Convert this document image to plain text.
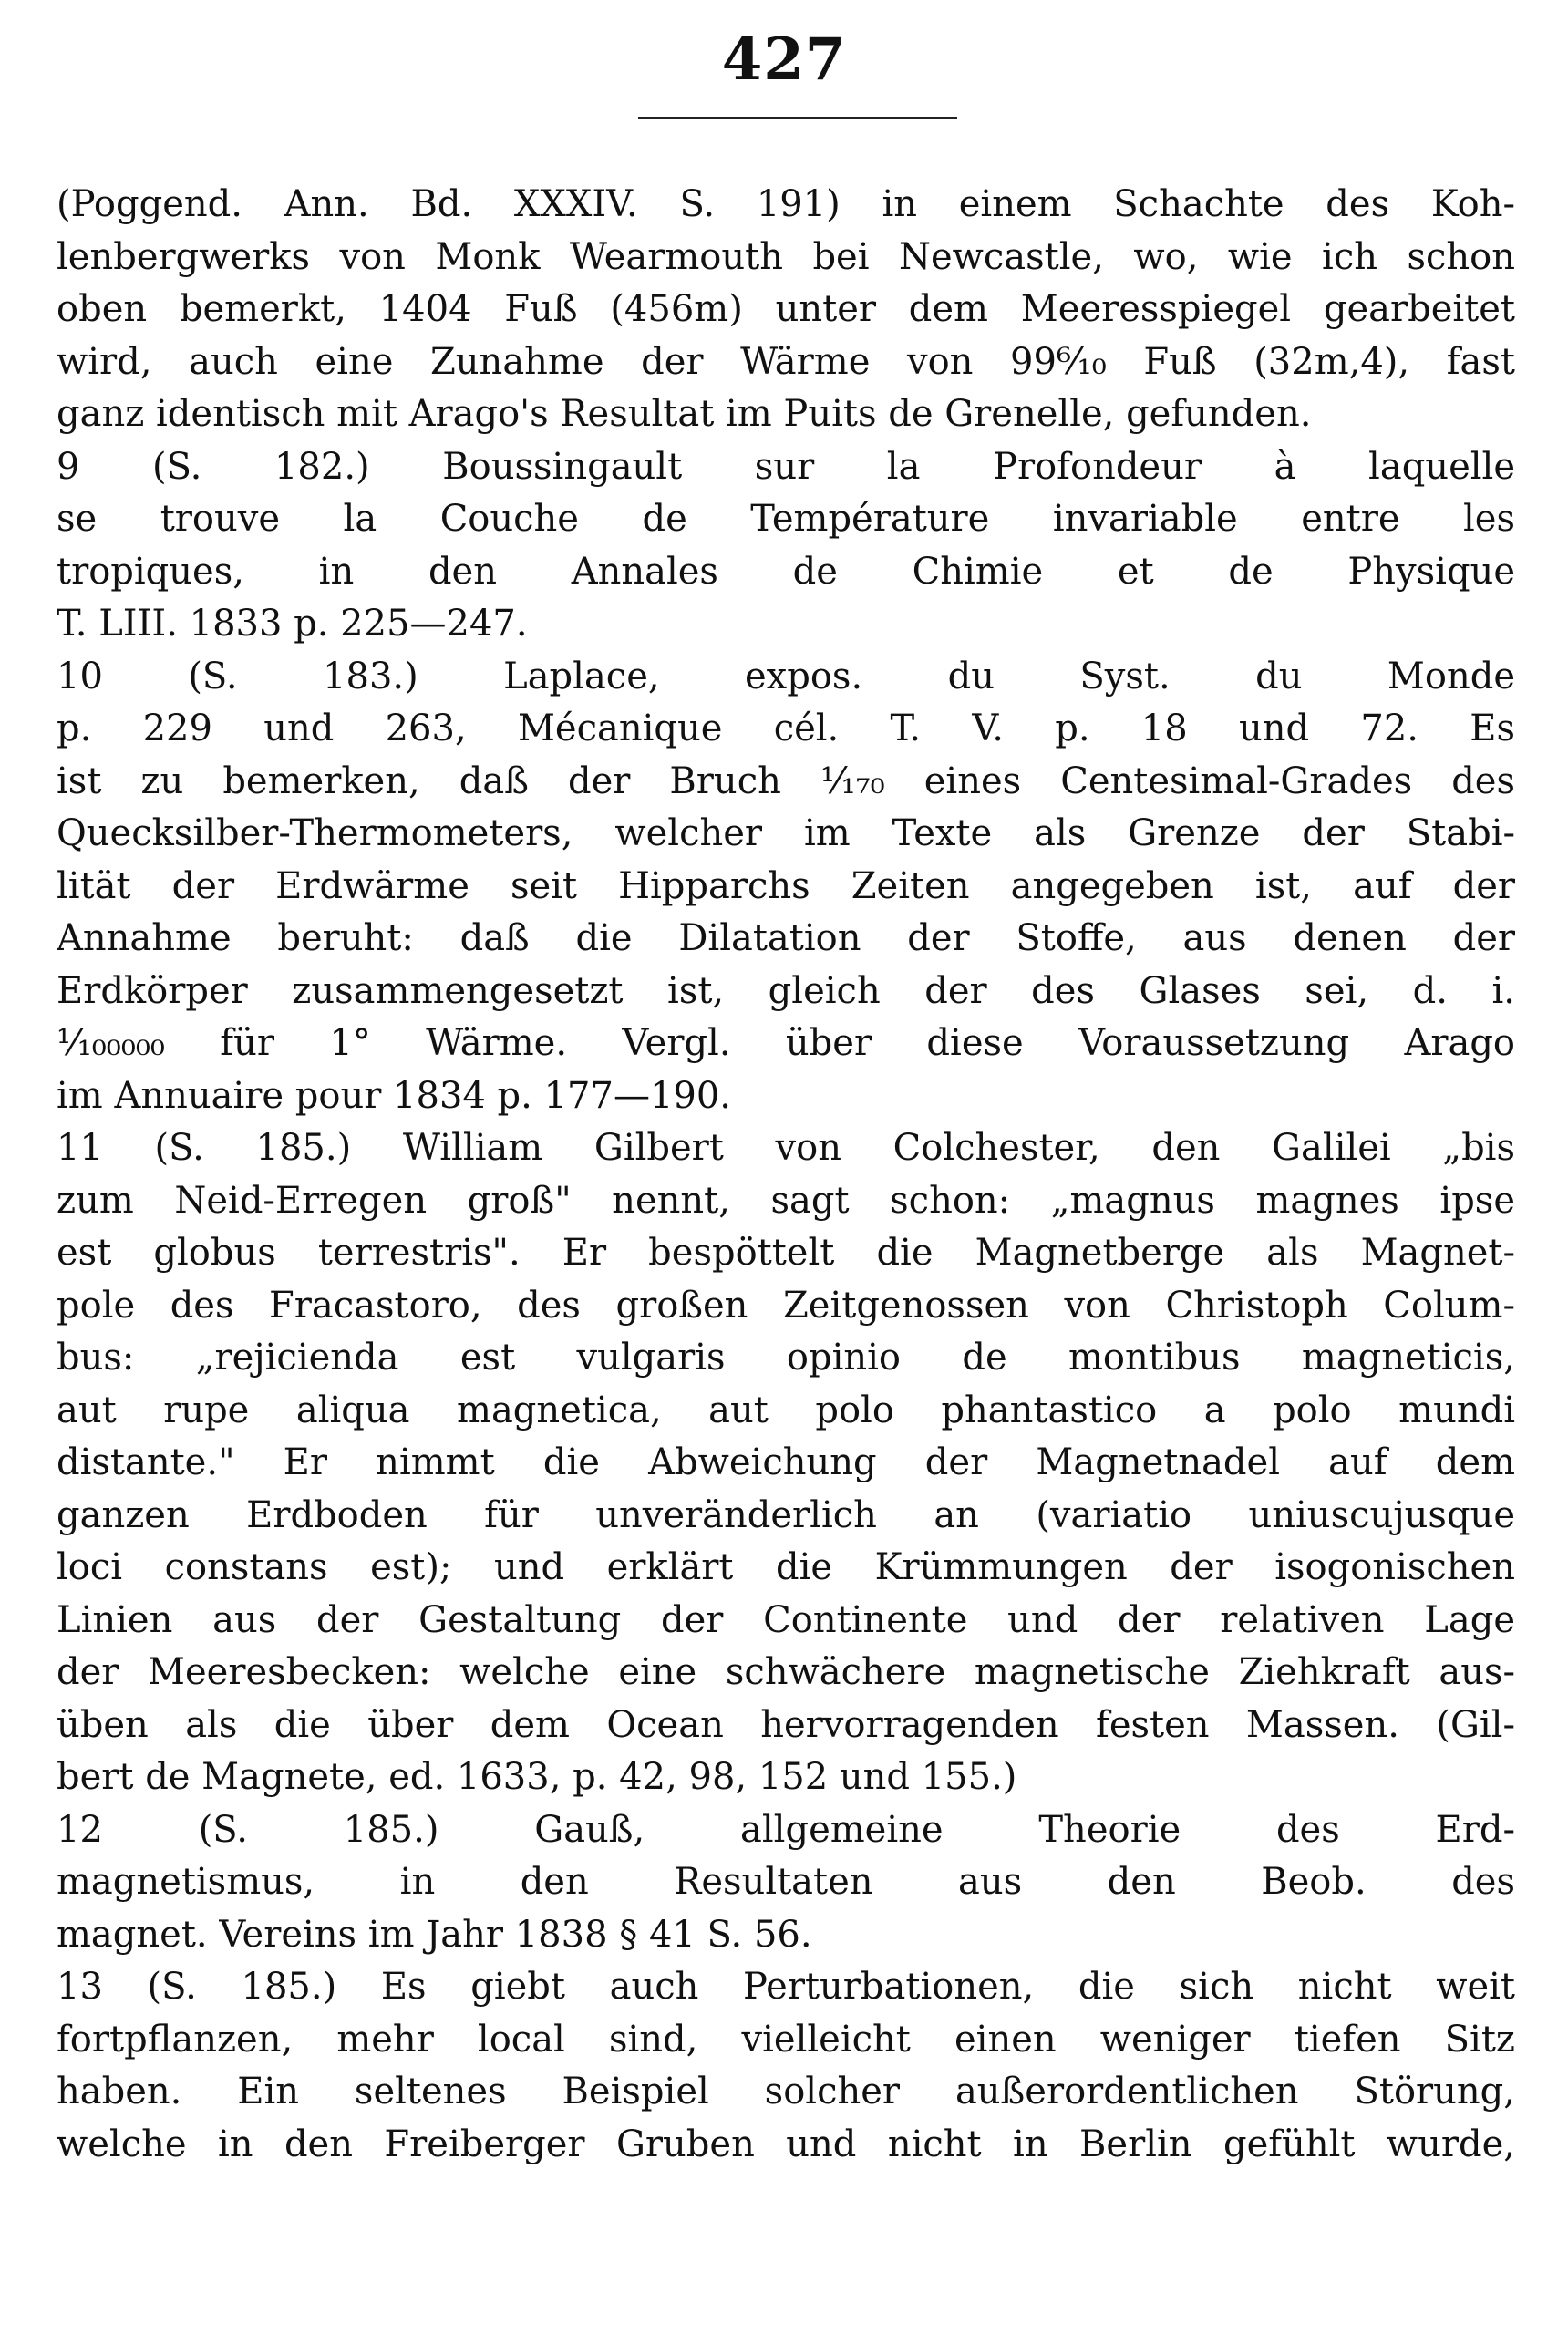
427
(Poggend. Ann. Bd. XXXIV. S. 191) in einem Schachte des Koh-
lenbergwerks von Monk Wearmouth bei Newcastle, wo, wie ich schon
oben bemerkt, 1404 Fuß (456m) unter dem Meeresspiegel gearbeitet
wird, auch eine Zunahme der Wärme von 99⁶⁄₁₀ Fuß (32m,4), fast
ganz identisch mit Arago's Resultat im Puits de Grenelle, gefunden.
9 (S. 182.) Boussingault sur la Profondeur à laquelle
se trouve la Couche de Température invariable entre les
tropiques, in den Annales de Chimie et de Physique
T. LIII. 1833 p. 225—247.
10 (S. 183.) Laplace, expos. du Syst. du Monde
p. 229 und 263, Mécanique cél. T. V. p. 18 und 72. Es
ist zu bemerken, daß der Bruch ¹⁄₁₇₀ eines Centesimal-Grades des
Quecksilber-Thermometers, welcher im Texte als Grenze der Stabi-
lität der Erdwärme seit Hipparchs Zeiten angegeben ist, auf der
Annahme beruht: daß die Dilatation der Stoffe, aus denen der
Erdkörper zusammengesetzt ist, gleich der des Glases sei, d. i.
¹⁄₁₀₀₀₀₀ für 1° Wärme. Vergl. über diese Voraussetzung Arago
im Annuaire pour 1834 p. 177—190.
11 (S. 185.) William Gilbert von Colchester, den Galilei „bis
zum Neid-Erregen groß" nennt, sagt schon: „magnus magnes ipse
est globus terrestris". Er bespöttelt die Magnetberge als Magnet-
pole des Fracastoro, des großen Zeitgenossen von Christoph Colum-
bus: „rejicienda est vulgaris opinio de montibus magneticis,
aut rupe aliqua magnetica, aut polo phantastico a polo mundi
distante." Er nimmt die Abweichung der Magnetnadel auf dem
ganzen Erdboden für unveränderlich an (variatio uniuscujusque
loci constans est); und erklärt die Krümmungen der isogonischen
Linien aus der Gestaltung der Continente und der relativen Lage
der Meeresbecken: welche eine schwächere magnetische Ziehkraft aus-
üben als die über dem Ocean hervorragenden festen Massen. (Gil-
bert de Magnete, ed. 1633, p. 42, 98, 152 und 155.)
12 (S. 185.) Gauß, allgemeine Theorie des Erd-
magnetismus, in den Resultaten aus den Beob. des
magnet. Vereins im Jahr 1838 § 41 S. 56.
13 (S. 185.) Es giebt auch Perturbationen, die sich nicht weit
fortpflanzen, mehr local sind, vielleicht einen weniger tiefen Sitz
haben. Ein seltenes Beispiel solcher außerordentlichen Störung,
welche in den Freiberger Gruben und nicht in Berlin gefühlt wurde,
